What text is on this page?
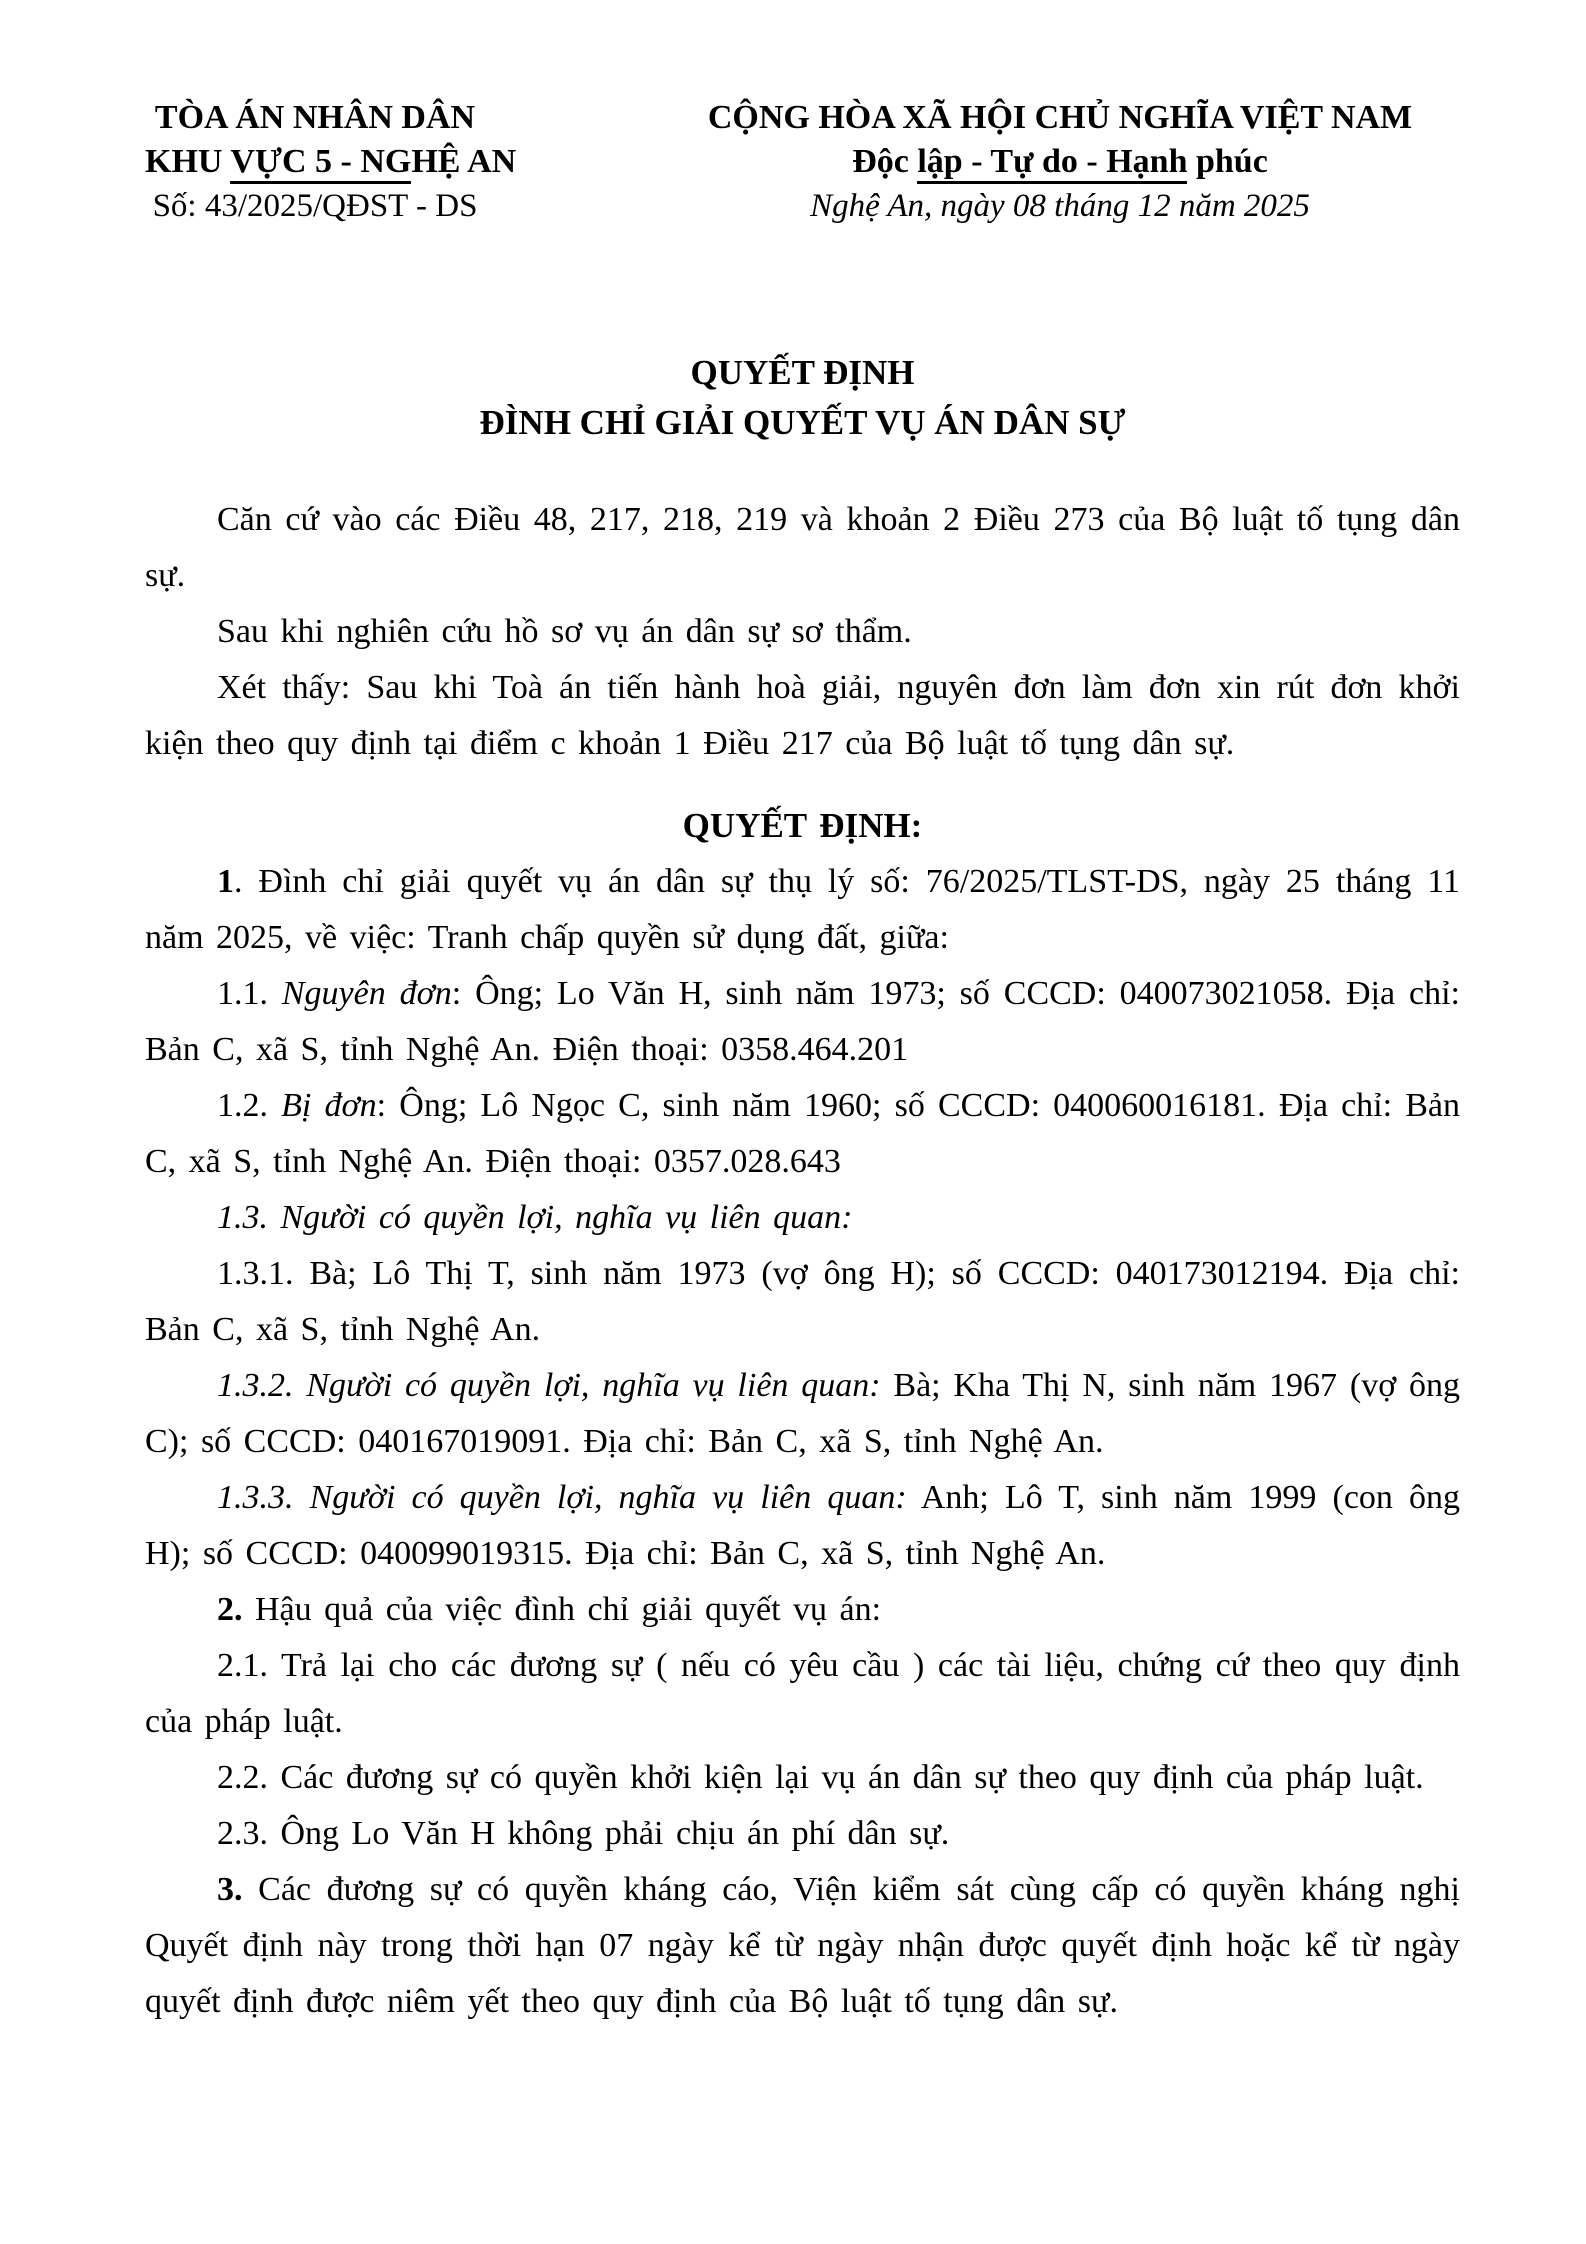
TÒA ÁN NHÂN DÂN
KHU VỰC 5 - NGHỆ AN
Số: 43/2025/QĐST - DS
CỘNG HÒA XÃ HỘI CHỦ NGHĨA VIỆT NAM
Độc lập - Tự do - Hạnh phúc
Nghệ An, ngày 08 tháng 12 năm 2025
QUYẾT ĐỊNH
ĐÌNH CHỈ GIẢI QUYẾT VỤ ÁN DÂN SỰ

Căn cứ vào các Điều 48, 217, 218, 219 và khoản 2 Điều 273 của Bộ luật tố tụng dân sự.

Sau khi nghiên cứu hồ sơ vụ án dân sự sơ thẩm.

Xét thấy: Sau khi Toà án tiến hành hoà giải, nguyên đơn làm đơn xin rút đơn khởi kiện theo quy định tại điểm c khoản 1 Điều 217 của Bộ luật tố tụng dân sự.

QUYẾT ĐỊNH:

1. Đình chỉ giải quyết vụ án dân sự thụ lý số: 76/2025/TLST-DS, ngày 25 tháng 11 năm 2025, về việc: Tranh chấp quyền sử dụng đất, giữa:

1.1. Nguyên đơn: Ông; Lo Văn H, sinh năm 1973; số CCCD: 040073021058. Địa chỉ: Bản C, xã S, tỉnh Nghệ An. Điện thoại: 0358.464.201

1.2. Bị đơn: Ông; Lô Ngọc C, sinh năm 1960; số CCCD: 040060016181. Địa chỉ: Bản C, xã S, tỉnh Nghệ An. Điện thoại: 0357.028.643

1.3. Người có quyền lợi, nghĩa vụ liên quan:

1.3.1. Bà; Lô Thị T, sinh năm 1973 (vợ ông H); số CCCD: 040173012194. Địa chỉ: Bản C, xã S, tỉnh Nghệ An.

1.3.2. Người có quyền lợi, nghĩa vụ liên quan: Bà; Kha Thị N, sinh năm 1967 (vợ ông C); số CCCD: 040167019091. Địa chỉ: Bản C, xã S, tỉnh Nghệ An.

1.3.3. Người có quyền lợi, nghĩa vụ liên quan: Anh; Lô T, sinh năm 1999 (con ông H); số CCCD: 040099019315. Địa chỉ: Bản C, xã S, tỉnh Nghệ An.

2. Hậu quả của việc đình chỉ giải quyết vụ án:

2.1. Trả lại cho các đương sự ( nếu có yêu cầu ) các tài liệu, chứng cứ theo quy định của pháp luật.

2.2. Các đương sự có quyền khởi kiện lại vụ án dân sự theo quy định của pháp luật.

2.3. Ông Lo Văn H không phải chịu án phí dân sự.

3. Các đương sự có quyền kháng cáo, Viện kiểm sát cùng cấp có quyền kháng nghị Quyết định này trong thời hạn 07 ngày kể từ ngày nhận được quyết định hoặc kể từ ngày quyết định được niêm yết theo quy định của Bộ luật tố tụng dân sự.
